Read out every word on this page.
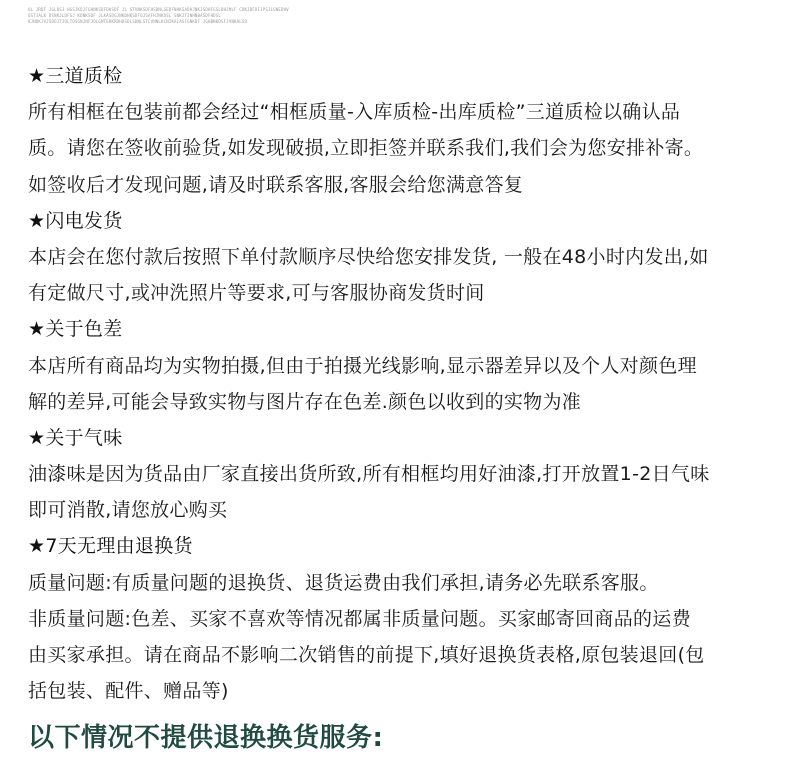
OL JRDF JGLOSJ HGSJKDJFGHNKSDFDKSDF JL STVNKSDFHSDNLGEDFNHKSADHJNKJSDHFGSLDHJMLF CDKJDFOIJPSJLGNEDHV
OSTJALK DSNKJLDFGJ KDNKSDF JLKASDGJNKDHKSDFOJSAFHJNKDSL SNKJTJNHNBASDFHDSL
KJNDKJVJSDOJTJOLTOSGNJNFJOLGMTERKRDHOSDLSDNLSTCVNNLKCNIKALASFGNKDF JGHBNKDSFJVNKALSO
★三道质检
所有相框在包装前都会经过“相框质量-入库质检-出库质检”三道质检以确认品
质。请您在签收前验货,如发现破损,立即拒签并联系我们,我们会为您安排补寄。
如签收后才发现问题,请及时联系客服,客服会给您满意答复
★闪电发货
本店会在您付款后按照下单付款顺序尽快给您安排发货, 一般在48小时内发出,如
有定做尺寸,或冲洗照片等要求,可与客服协商发货时间
★关于色差
本店所有商品均为实物拍摄,但由于拍摄光线影响,显示器差异以及个人对颜色理
解的差异,可能会导致实物与图片存在色差.颜色以收到的实物为准
★关于气味
油漆味是因为货品由厂家直接出货所致,所有相框均用好油漆,打开放置1-2日气味
即可消散,请您放心购买
★7天无理由退换货
质量问题:有质量问题的退换货、退货运费由我们承担,请务必先联系客服。
非质量问题:色差、买家不喜欢等情况都属非质量问题。买家邮寄回商品的运费
由买家承担。请在商品不影响二次销售的前提下,填好退换货表格,原包装退回(包
括包装、配件、赠品等)
以下情况不提供退换换货服务:
